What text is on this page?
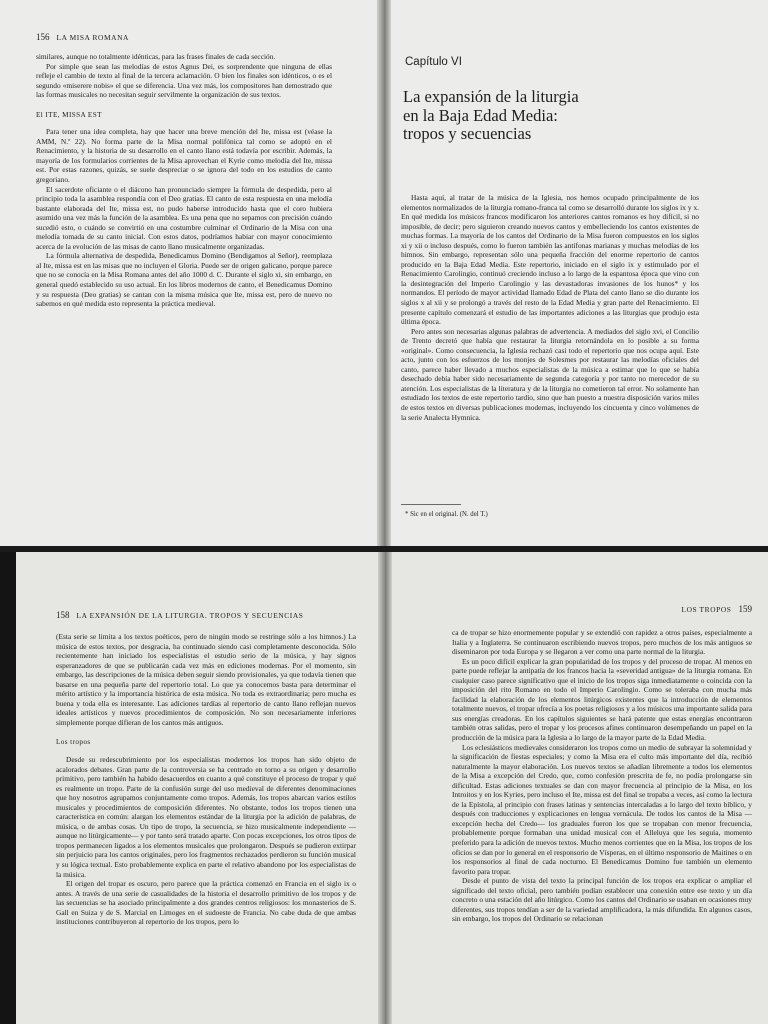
156 LA MISA ROMANA

similares, aunque no totalmente idénticas, para las frases finales de cada sección.

Por simple que sean las melodías de estos Agnus Dei, es sorprendente que ninguna de ellas refleje el cambio de texto al final de la tercera aclamación. O bien los finales son idénticos, o es el segundo «miserere nobis» el que se diferencia. Una vez más, los compositores han demostrado que las formas musicales no necesitan seguir servilmente la organización de sus textos.

El ITE, MISSA EST

Para tener una idea completa, hay que hacer una breve mención del Ite, missa est (véase la AMM, N.º 22). No forma parte de la Misa normal polifónica tal como se adoptó en el Renacimiento, y la historia de su desarrollo en el canto llano está todavía por escribir. Además, la mayoría de los formularios corrientes de la Misa aprovechan el Kyrie como melodía del Ite, missa est. Por estas razones, quizás, se suele despreciar o se ignora del todo en los estudios de canto gregoriano.

El sacerdote oficiante o el diácono han pronunciado siempre la fórmula de despedida, pero al principio toda la asamblea respondía con el Deo gratias. El canto de esta respuesta en una melodía bastante elaborada del Ite, missa est, no pudo haberse introducido hasta que el coro hubiera asumido una vez más la función de la asamblea. Es una pena que no sepamos con precisión cuándo sucedió esto, o cuándo se convirtió en una costumbre culminar el Ordinario de la Misa con una melodía tomada de su canto inicial. Con estos datos, podríamos habiar con mayor conocimiento acerca de la evolución de las misas de canto llano musicalmente organizadas.

La fórmula alternativa de despedida, Benedicamus Domino (Bendigamos al Señor), reemplaza al Ite, missa est en las misas que no incluyen el Gloria. Puede ser de origen galicano, porque parece que no se conocía en la Misa Romana antes del año 1000 d. C. Durante el siglo xi, sin embargo, en general quedó establecido su uso actual. En los libros modernos de canto, el Benedicamus Domino y su respuesta (Deo gratias) se cantan con la misma música que Ite, missa est, pero de nuevo no sabemos en qué medida esto representa la práctica medieval.

Capítulo VI
La expansión de la liturgia
en la Baja Edad Media:
tropos y secuencias

Hasta aquí, al tratar de la música de la Iglesia, nos hemos ocupado principalmente de los elementos normalizados de la liturgia romano-franca tal como se desarrolló durante los siglos ix y x. En qué medida los músicos francos modificaron los anteriores cantos romanos es hoy difícil, si no imposible, de decir; pero siguieron creando nuevos cantos y embelleciendo los cantos existentes de muchas formas. La mayoría de los cantos del Ordinario de la Misa fueron compuestos en los siglos xi y xii o incluso después, como lo fueron también las antífonas marianas y muchas melodías de los himnos. Sin embargo, representan sólo una pequeña fracción del enorme repertorio de cantos producido en la Baja Edad Media. Este repertorio, iniciado en el siglo ix y estimulado por el Renacimiento Carolingio, continuó creciendo incluso a lo largo de la espantosa época que vino con la desintegración del Imperio Carolingio y las devastadoras invasiones de los hunos* y los normandos. El período de mayor actividad llamado Edad de Plata del canto llano se dio durante los siglos x al xii y se prolongó a través del resto de la Edad Media y gran parte del Renacimiento. El presente capítulo comenzará el estudio de las importantes adiciones a las liturgias que produjo esta última época.

Pero antes son necesarias algunas palabras de advertencia. A mediados del siglo xvi, el Concilio de Trento decretó que había que restaurar la liturgia retornándola en lo posible a su forma «original». Como consecuencia, la Iglesia rechazó casi todo el repertorio que nos ocupa aquí. Este acto, junto con los esfuerzos de los monjes de Solesmes por restaurar las melodías oficiales del canto, parece haber llevado a muchos especialistas de la música a estimar que lo que se había desechado debía haber sido necesariamente de segunda categoría y por tanto no merecedor de su atención. Los especialistas de la literatura y de la liturgia no cometieron tal error. No solamente han estudiado los textos de este repertorio tardío, sino que han puesto a nuestra disposición varios miles de estos textos en diversas publicaciones modernas, incluyendo los cincuenta y cinco volúmenes de la serie Analecta Hymnica.

* Sic en el original. (N. del T.)
158 LA EXPANSIÓN DE LA LITURGIA. TROPOS Y SECUENCIAS

(Esta serie se limita a los textos poéticos, pero de ningún modo se restringe sólo a los himnos.) La música de estos textos, por desgracia, ha continuado siendo casi completamente desconocida. Sólo recientemente han iniciado los especialistas el estudio serio de la música, y hay signos esperanzadores de que se publicarán cada vez más en ediciones modernas. Por el momento, sin embargo, las descripciones de la música deben seguir siendo provisionales, ya que todavía tienen que basarse en una pequeña parte del repertorio total. Lo que ya conocemos basta para determinar el mérito artístico y la importancia histórica de esta música. No toda es extraordinaria; pero mucha es buena y toda ella es interesante. Las adiciones tardías al repertorio de canto llano reflejan nuevos ideales artísticos y nuevos procedimientos de composición. No son necesariamente inferiores simplemente porque difieran de los cantos más antiguos.

Los tropos

Desde su redescubrimiento por los especialistas modernos los tropos han sido objeto de acalorados debates. Gran parte de la controversia se ha centrado en torno a su origen y desarrollo primitivo, pero también ha habido desacuerdos en cuanto a qué constituye el proceso de tropar y qué es realmente un tropo. Parte de la confusión surge del uso medieval de diferentes denominaciones que hoy nosotros agrupamos conjuntamente como tropos. Además, los tropos abarcan varios estilos musicales y procedimientos de composición diferentes. No obstante, todos los tropos tienen una característica en común: alargan los elementos estándar de la liturgia por la adición de palabras, de música, o de ambas cosas. Un tipo de tropo, la secuencia, se hizo musicalmente independiente —aunque no litúrgicamente— y por tanto será tratado aparte. Con pocas excepciones, los otros tipos de tropos permanecen ligados a los elementos musicales que prolongaron. Después se pudieron extirpar sin perjuicio para los cantos originales, pero los fragmentos rechazados perdieron su función musical y su lógica textual. Esto probablemente explica en parte el relativo abandono por los especialistas de la música.

El origen del tropar es oscuro, pero parece que la práctica comenzó en Francia en el siglo ix o antes. A través de una serie de casualidades de la historia el desarrollo primitivo de los tropos y de las secuencias se ha asociado principalmente a dos grandes centros religiosos: los monasterios de S. Gall en Suiza y de S. Marcial en Limoges en el sudoeste de Francia. No cabe duda de que ambas instituciones contribuyeron al repertorio de los tropos, pero lo

LOS TROPOS 159

ca de tropar se hizo enormemente popular y se extendió con rapidez a otros países, especialmente a Italia y a Inglaterra. Se continuaron escribiendo nuevos tropos, pero muchos de los más antiguos se diseminaron por toda Europa y se llegaron a ver como una parte normal de la liturgia.

Es un poco difícil explicar la gran popularidad de los tropos y del proceso de tropar. Al menos en parte puede reflejar la antipatía de los francos hacia la «severidad antigua» de la liturgia romana. En cualquier caso parece significativo que el inicio de los tropos siga inmediatamente o coincida con la imposición del rito Romano en todo el Imperio Carolingio. Como se toleraba con mucha más facilidad la elaboración de los elementos litúrgicos existentes que la introducción de elementos totalmente nuevos, el tropar ofrecía a los poetas religiosos y a los músicos una importante salida para sus energías creadoras. En los capítulos siguientes se hará patente que estas energías encontraron también otras salidas, pero el tropar y los procesos afines continuaron desempeñando un papel en la producción de la música para la Iglesia a lo largo de la mayor parte de la Edad Media.

Los eclesiásticos medievales consideraron los tropos como un medio de subrayar la solemnidad y la significación de fiestas especiales; y como la Misa era el culto más importante del día, recibió naturalmente la mayor elaboración. Los nuevos textos se añadían libremente a todos los elementos de la Misa a excepción del Credo, que, como confesión prescrita de fe, no podía prolongarse sin dificultad. Estas adiciones textuales se dan con mayor frecuencia al principio de la Misa, en los Introitos y en los Kyries, pero incluso el Ite, missa est del final se tropaba a veces, así como la lectura de la Epístola, al principio con frases latinas y sentencias intercaladas a lo largo del texto bíblico, y después con traducciones y explicaciones en lengua vernácula. De todos los cantos de la Misa —excepción hecha del Credo— los graduales fueron los que se tropaban con menor frecuencia, probablemente porque formaban una unidad musical con el Alleluya que les seguía, momento preferido para la adición de nuevos textos. Mucho menos corrientes que en la Misa, los tropos de los oficios se dan por lo general en el responsorio de Vísperas, en el último responsorio de Maitines o en los responsorios al final de cada nocturno. El Benedicamus Domino fue también un elemento favorito para tropar.

Desde el punto de vista del texto la principal función de los tropos era explicar o ampliar el significado del texto oficial, pero también podían establecer una conexión entre ese texto y un día concreto o una estación del año litúrgico. Como los cantos del Ordinario se usaban en ocasiones muy diferentes, sus tropos tendían a ser de la variedad amplificadora, la más difundida. En algunos casos, sin embargo, los tropos del Ordinario se relacionan
